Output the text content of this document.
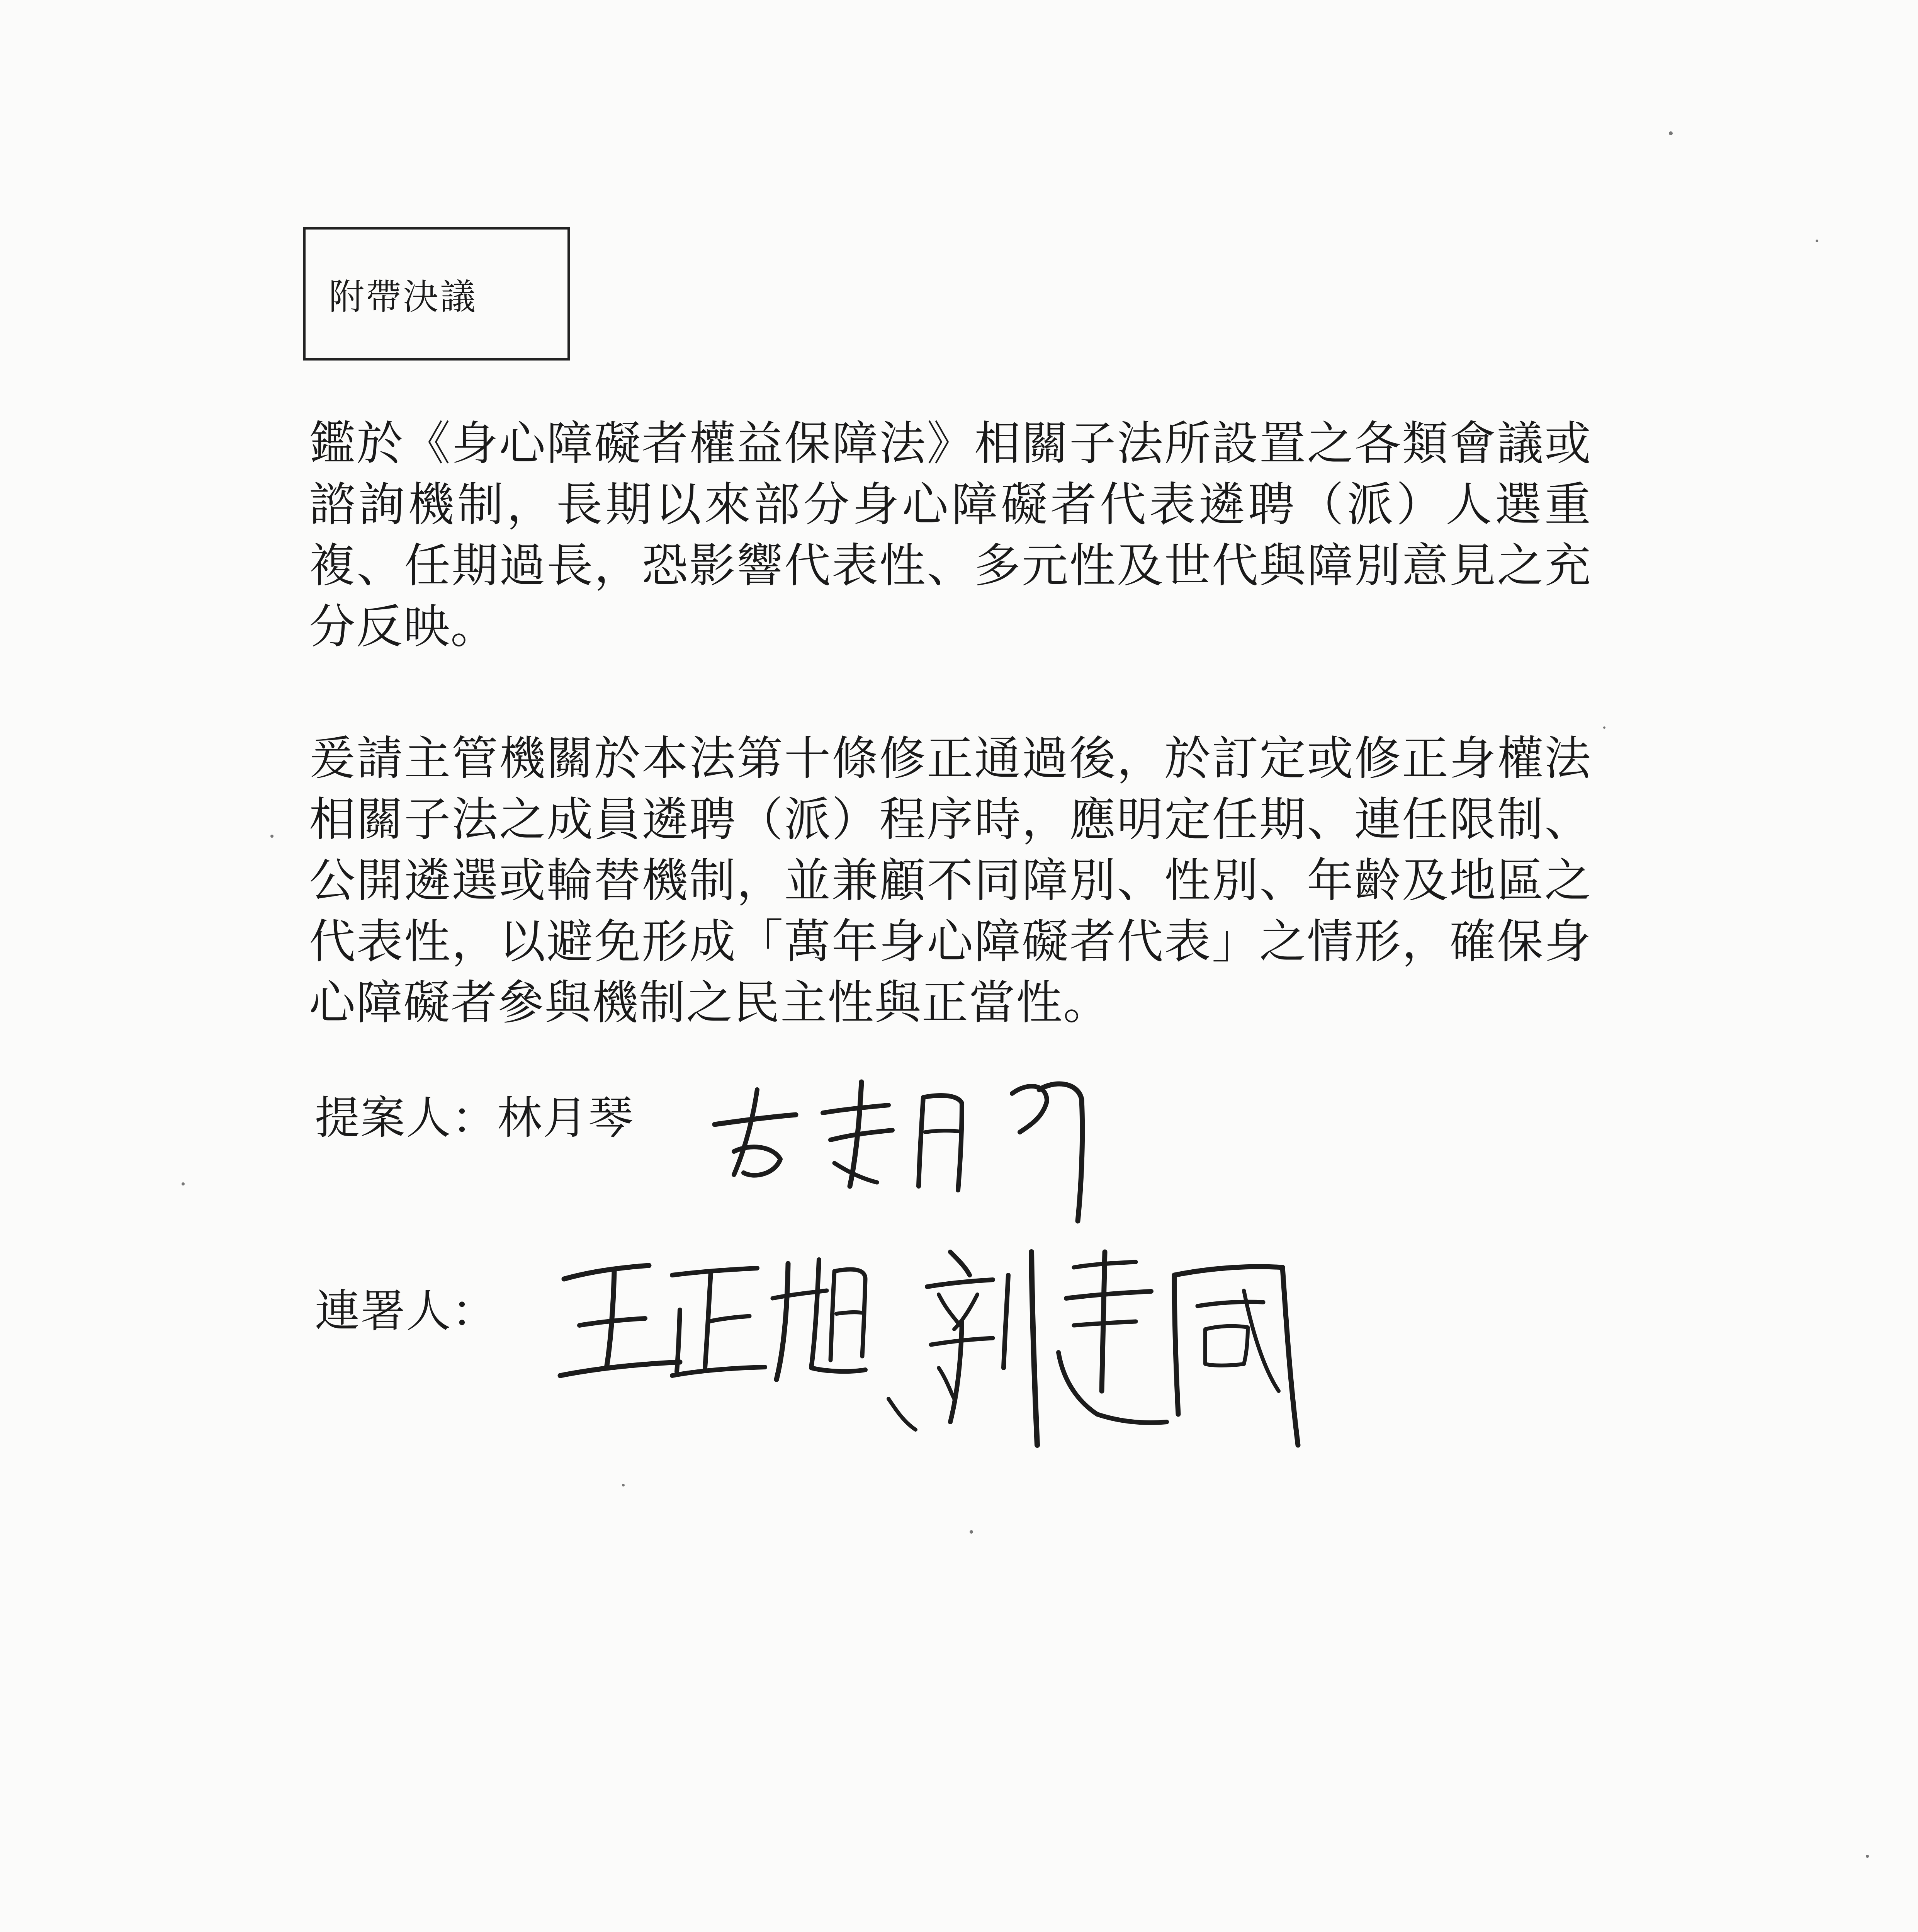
附帶決議

鑑於《身心障礙者權益保障法》相關子法所設置之各類會議或諮詢機制，長期以來部分身心障礙者代表遴聘（派）人選重複、任期過長，恐影響代表性、多元性及世代與障別意見之充分反映。

爰請主管機關於本法第十條修正通過後，於訂定或修正身權法相關子法之成員遴聘（派）程序時，應明定任期、連任限制、公開遴選或輪替機制，並兼顧不同障別、性別、年齡及地區之代表性，以避免形成「萬年身心障礙者代表」之情形，確保身心障礙者參與機制之民主性與正當性。

提案人：林月琴
連署人：
